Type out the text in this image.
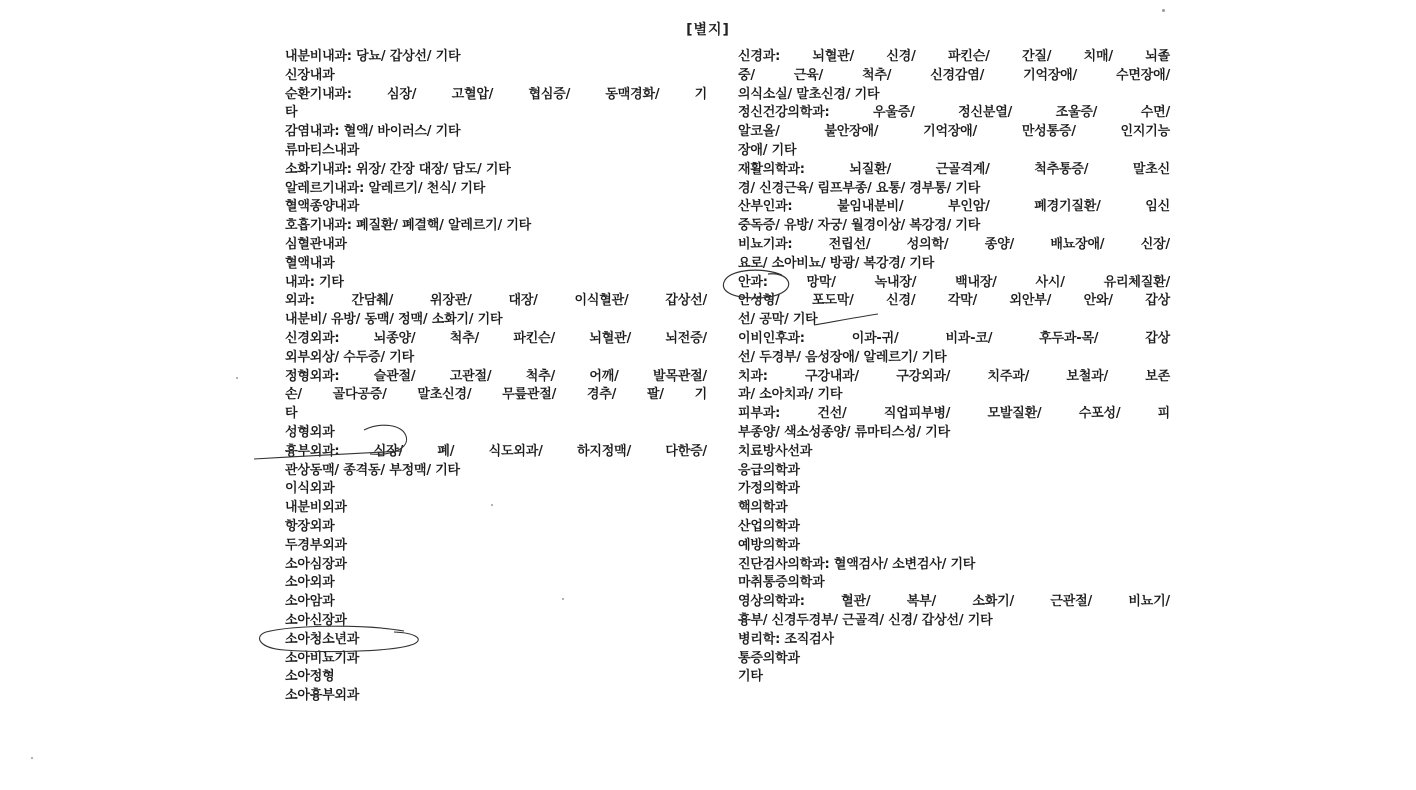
[별지]
내분비내과: 당뇨/ 갑상선/ 기타
신장내과
순환기내과: 심장/ 고혈압/ 협심증/ 동맥경화/ 기
타
감염내과: 혈액/ 바이러스/ 기타
류마티스내과
소화기내과: 위장/ 간장 대장/ 담도/ 기타
알레르기내과: 알레르기/ 천식/ 기타
혈액종양내과
호흡기내과: 폐질환/ 폐결핵/ 알레르기/ 기타
심혈관내과
혈액내과
내과: 기타
외과: 간담췌/ 위장관/ 대장/ 이식혈관/ 갑상선/
내분비/ 유방/ 동맥/ 정맥/ 소화기/ 기타
신경외과: 뇌종양/ 척추/ 파킨슨/ 뇌혈관/ 뇌전증/
외부외상/ 수두증/ 기타
정형외과: 슬관절/ 고관절/ 척추/ 어깨/ 발목관절/
손/ 골다공증/ 말초신경/ 무릎관절/ 경추/ 팔/ 기
타
성형외과
흉부외과: 심장/ 폐/ 식도외과/ 하지정맥/ 다한증/
관상동맥/ 종격동/ 부정맥/ 기타
이식외과
내분비외과
항장외과
두경부외과
소아심장과
소아외과
소아암과
소아신장과
소아청소년과
소아비뇨기과
소아정형
소아흉부외과
신경과: 뇌혈관/ 신경/ 파킨슨/ 간질/ 치매/ 뇌졸
중/ 근육/ 척추/ 신경감염/ 기억장애/ 수면장애/
의식소실/ 말초신경/ 기타
정신건강의학과: 우울증/ 정신분열/ 조울증/ 수면/
알코올/ 불안장애/ 기억장애/ 만성통증/ 인지기능
장애/ 기타
재활의학과: 뇌질환/ 근골격계/ 척추통증/ 말초신
경/ 신경근육/ 림프부종/ 요통/ 경부통/ 기타
산부인과: 불임내분비/ 부인암/ 폐경기질환/ 임신
중독증/ 유방/ 자궁/ 월경이상/ 복강경/ 기타
비뇨기과: 전립선/ 성의학/ 종양/ 배뇨장애/ 신장/
요로/ 소아비뇨/ 방광/ 복강경/ 기타
안과: 망막/ 녹내장/ 백내장/ 사시/ 유리체질환/
안성형/ 포도막/ 신경/ 각막/ 외안부/ 안와/ 갑상
선/ 공막/ 기타
이비인후과: 이과-귀/ 비과-코/ 후두과-목/ 갑상
선/ 두경부/ 음성장애/ 알레르기/ 기타
치과: 구강내과/ 구강외과/ 치주과/ 보철과/ 보존
과/ 소아치과/ 기타
피부과: 건선/ 직업피부병/ 모발질환/ 수포성/ 피
부종양/ 색소성종양/ 류마티스성/ 기타
치료방사선과
응급의학과
가정의학과
핵의학과
산업의학과
예방의학과
진단검사의학과: 혈액검사/ 소변검사/ 기타
마취통증의학과
영상의학과: 혈관/ 복부/ 소화기/ 근관절/ 비뇨기/
흉부/ 신경두경부/ 근골격/ 신경/ 갑상선/ 기타
병리학: 조직검사
통증의학과
기타
